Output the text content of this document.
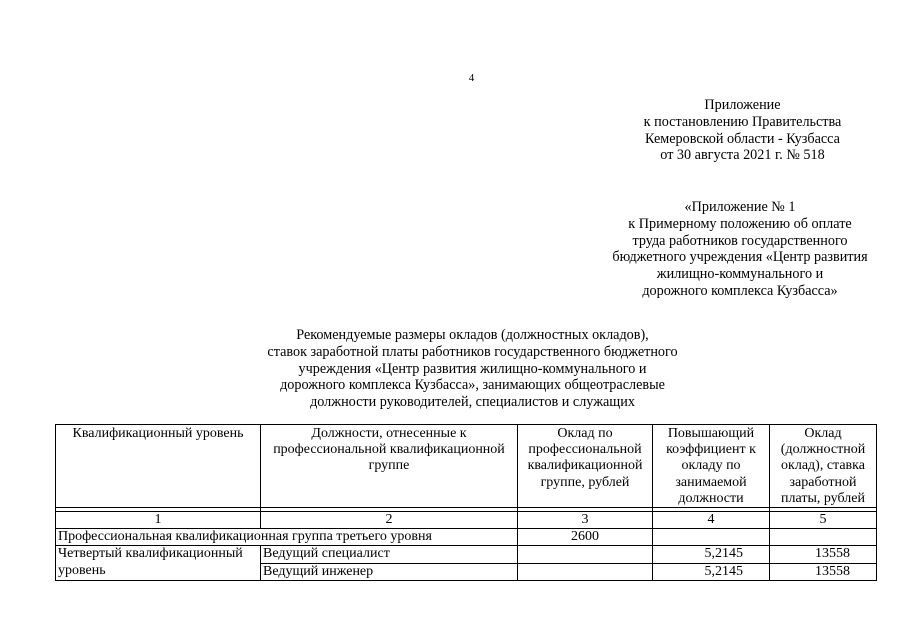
4
Приложение
к постановлению Правительства
Кемеровской области - Кузбасса
от 30 августа 2021 г. № 518
«Приложение № 1
к Примерному положению об оплате
труда работников государственного
бюджетного учреждения «Центр развития
жилищно-коммунального и
дорожного комплекса Кузбасса»
Рекомендуемые размеры окладов (должностных окладов),
ставок заработной платы работников государственного бюджетного
учреждения «Центр развития жилищно-коммунального и
дорожного комплекса Кузбасса», занимающих общеотраслевые
должности руководителей, специалистов и служащих
Квалификационный уровень	Должности, отнесенные к профессиональной квалификационной группе	Оклад по профессиональной квалификационной группе, рублей	Повышающий коэффициент к окладу по занимаемой должности	Оклад (должностной оклад), ставка заработной платы, рублей

1	2	3	4	5
Профессиональная квалификационная группа третьего уровня		2600		
Четвертый квалификационный уровень	Ведущий специалист		5,2145	13558
	Ведущий инженер		5,2145	13558
